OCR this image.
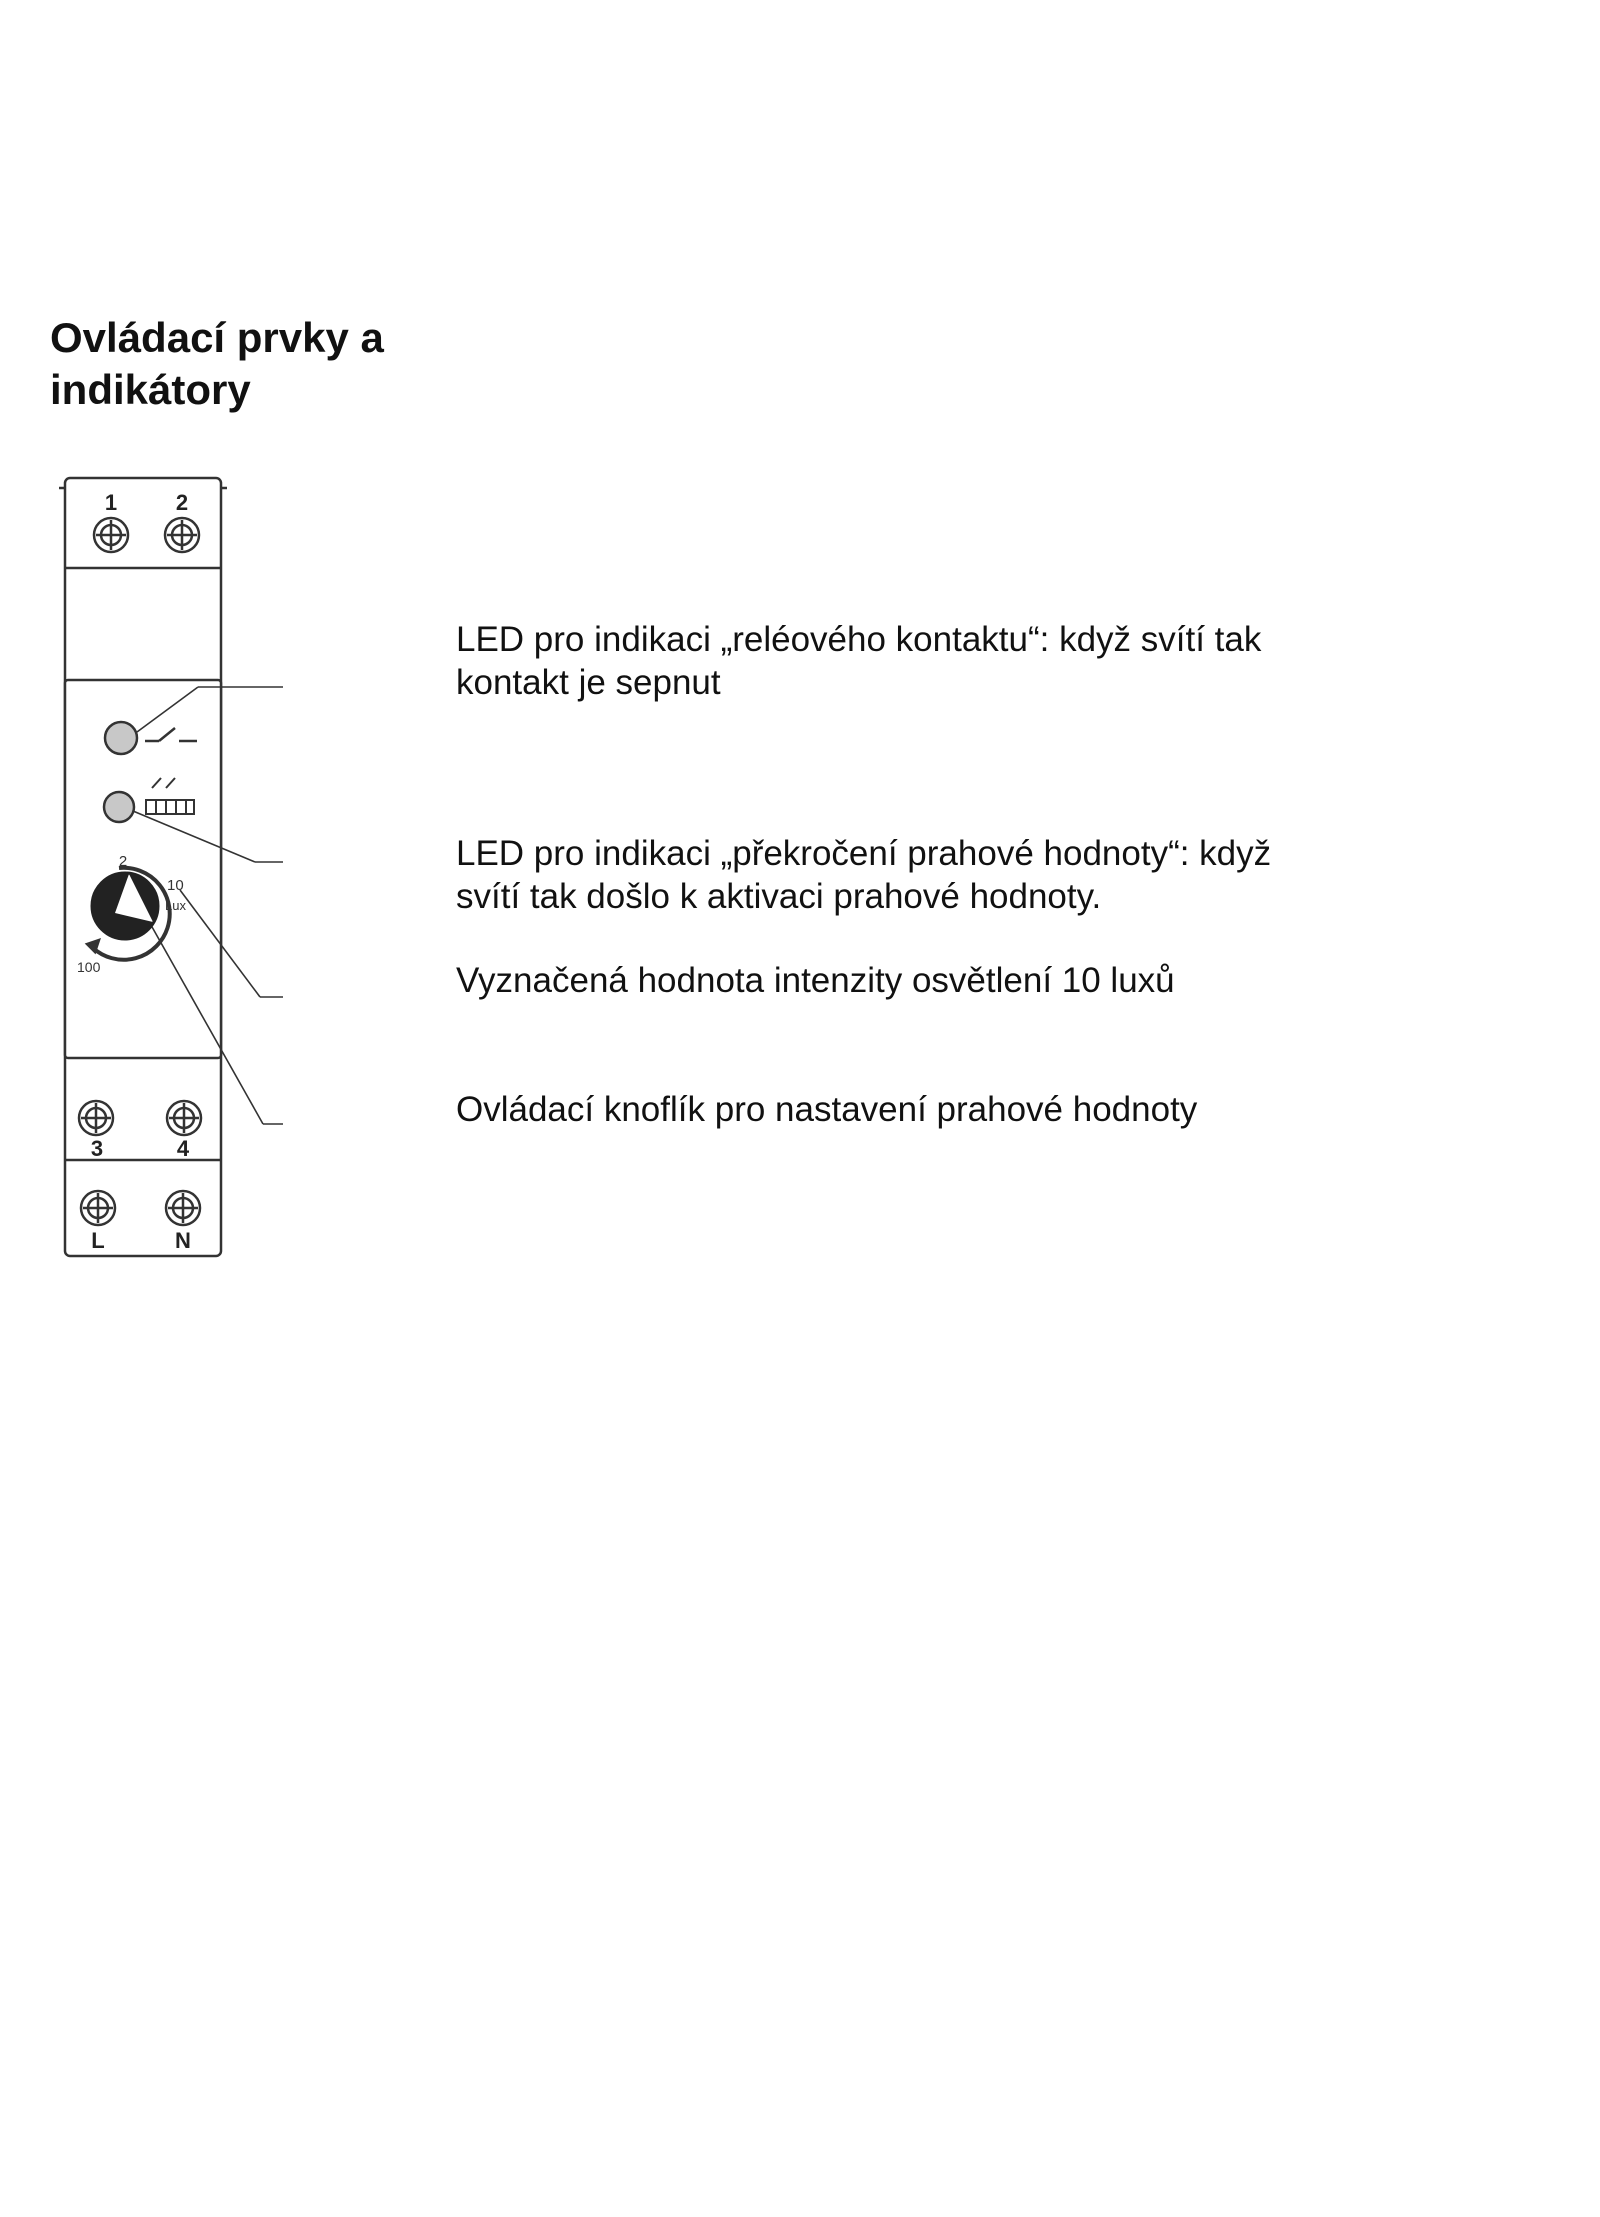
Ovládací prvky a
indikátory
1	2
3	4
L	N
2
10
Lux
100

LED pro indikaci „reléového kontaktu“: když svítí tak

kontakt je sepnut

LED pro indikaci „překročení prahové hodnoty“: když

svítí tak došlo k aktivaci prahové hodnoty.

Vyznačená hodnota intenzity osvětlení 10 luxů

Ovládací knoflík pro nastavení prahové hodnoty
